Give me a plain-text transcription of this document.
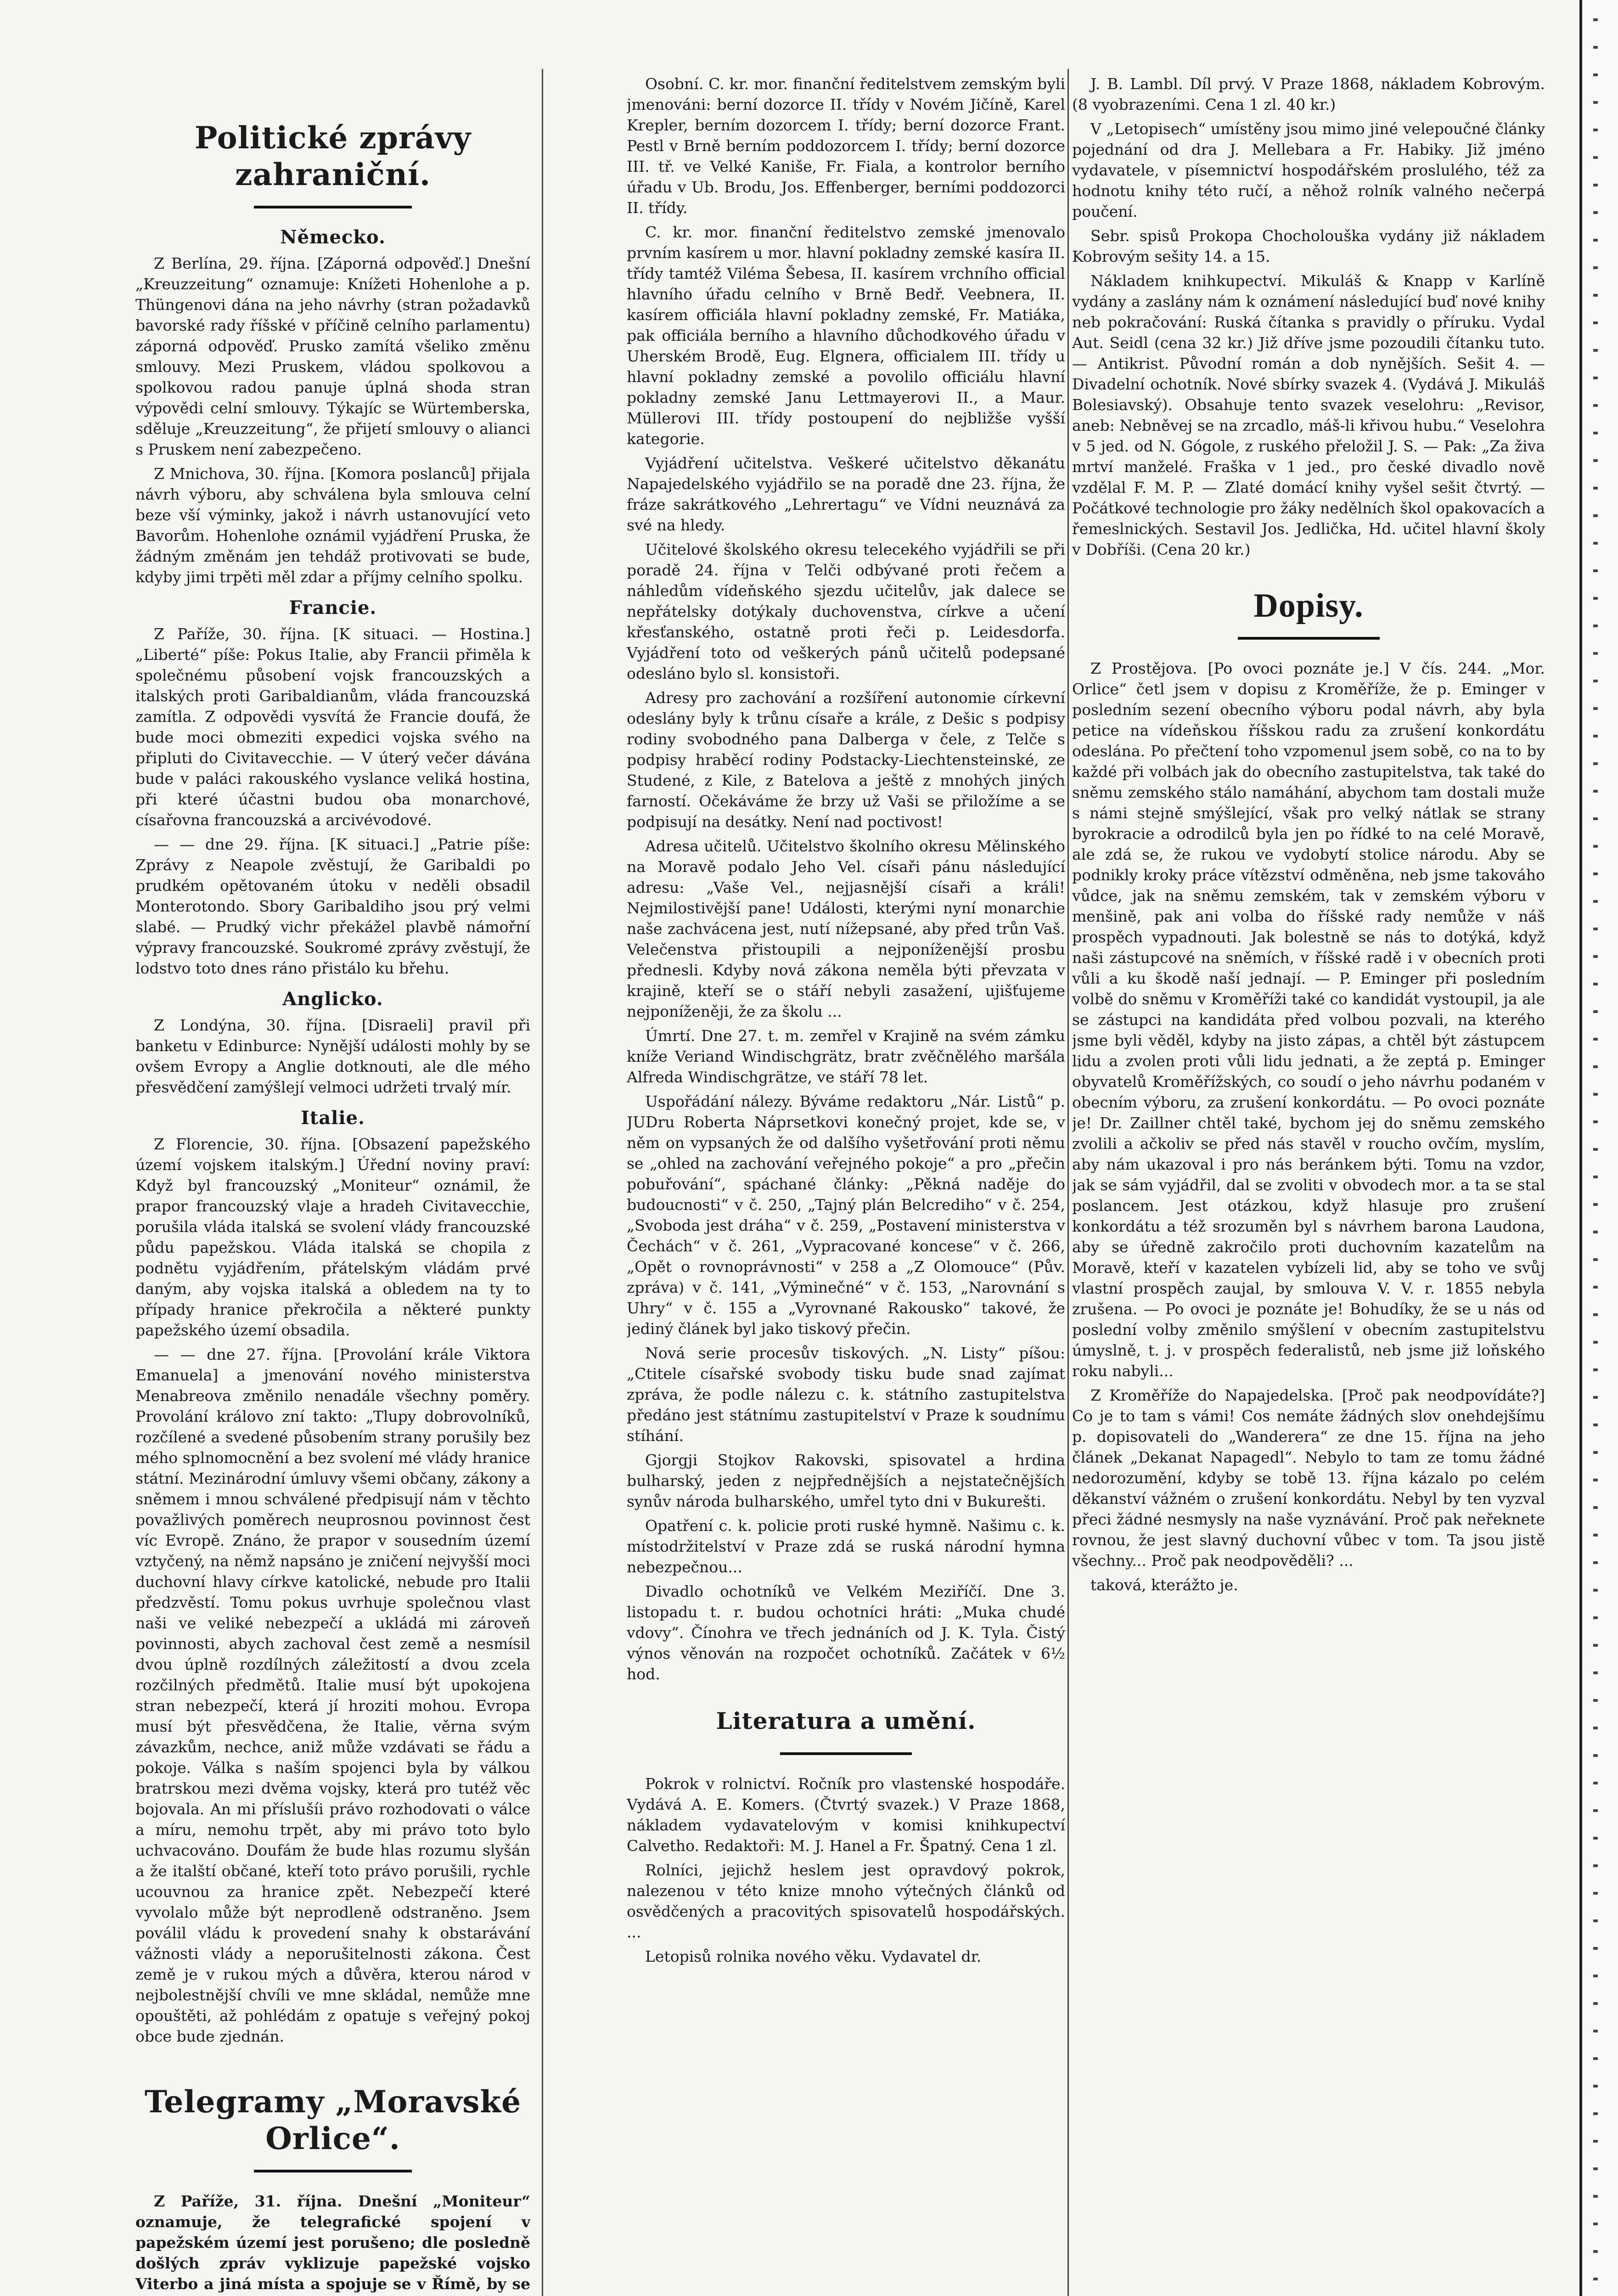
Politické zprávy zahraniční.
Německo.

Z Berlína, 29. října. [Záporná odpověď.] Dnešní „Kreuzzeitung“ oznamuje: Knížeti Hohenlohe a p. Thüngenovi dána na jeho návrhy (stran požadavků bavorské rady říšské v příčině celního parlamentu) záporná odpověď. Prusko zamítá všeliko změnu smlouvy. Mezi Pruskem, vládou spolkovou a spolkovou radou panuje úplná shoda stran výpovědi celní smlouvy. Týkajíc se Würtemberska, sděluje „Kreuzzeitung“, že přijetí smlouvy o alianci s Pruskem není zabezpečeno.

Z Mnichova, 30. října. [Komora poslanců] přijala návrh výboru, aby schválena byla smlouva celní beze vší výminky, jakož i návrh ustanovující veto Bavorům. Hohenlohe oznámil vyjádření Pruska, že žádným změnám jen tehdáž protivovati se bude, kdyby jimi trpěti měl zdar a příjmy celního spolku.

Francie.

Z Paříže, 30. října. [K situaci. — Hostina.] „Liberté“ píše: Pokus Italie, aby Francii přiměla k společnému působení vojsk francouzských a italských proti Garibaldianům, vláda francouzská zamítla. Z odpovědi vysvítá že Francie doufá, že bude moci obmeziti expedici vojska svého na připluti do Civitavecchie. — V úterý večer dávána bude v paláci rakouského vyslance veliká hostina, při které účastni budou oba monarchové, císařovna francouzská a arcivévodové.

— — dne 29. října. [K situaci.] „Patrie píše: Zprávy z Neapole zvěstují, že Garibaldi po prudkém opětovaném útoku v neděli obsadil Monterotondo. Sbory Garibaldiho jsou prý velmi slabé. — Prudký vichr překážel plavbě námořní výpravy francouzské. Soukromé zprávy zvěstují, že lodstvo toto dnes ráno přistálo ku břehu.

Anglicko.

Z Londýna, 30. října. [Disraeli] pravil při banketu v Edinburce: Nynější události mohly by se ovšem Evropy a Anglie dotknouti, ale dle mého přesvědčení zamýšlejí velmoci udržeti trvalý mír.

Italie.

Z Florencie, 30. října. [Obsazení papežského území vojskem italským.] Úřední noviny praví: Když byl francouzský „Moniteur“ oznámil, že prapor francouzský vlaje a hradeh Civitavecchie, porušila vláda italská se svolení vlády francouzské půdu papežskou. Vláda italská se chopila z podnětu vyjádřením, přátelským vládám prvé daným, aby vojska italská a obledem na ty to případy hranice překročila a některé punkty papežského území obsadila.

— — dne 27. října. [Provolání krále Viktora Emanuela] a jmenování nového ministerstva Menabreova změnilo nenadále všechny poměry. Provolání královo zní takto: „Tlupy dobrovolníků, rozčílené a svedené působením strany porušily bez mého splnomocnění a bez svolení mé vlády hranice státní. Mezinárodní úmluvy všemi občany, zákony a sněmem i mnou schválené předpisují nám v těchto považlivých poměrech neuprosnou povinnost čest víc Evropě. Znáno, že prapor v sousedním území vztyčený, na němž napsáno je zničení nejvyšší moci duchovní hlavy církve katolické, nebude pro Italii předzvěstí. Tomu pokus uvrhuje společnou vlast naši ve veliké nebezpečí a ukládá mi zároveň povinnosti, abych zachoval čest země a nesmísil dvou úplně rozdílných záležitostí a dvou zcela rozčilných předmětů. Italie musí být upokojena stran nebezpečí, která jí hroziti mohou. Evropa musí být přesvědčena, že Italie, věrna svým závazkům, nechce, aniž může vzdávati se řádu a pokoje. Válka s naším spojenci byla by válkou bratrskou mezi dvěma vojsky, která pro tutéž věc bojovala. An mi příslušíi právo rozhodovati o válce a míru, nemohu trpět, aby mi právo toto bylo uchvacováno. Doufám že bude hlas rozumu slyšán a že italští občané, kteří toto právo porušili, rychle ucouvnou za hranice zpět. Nebezpečí které vyvolalo může být neprodleně odstraněno. Jsem poválil vládu k provedení snahy k obstarávání vážnosti vlády a neporušitelnosti zákona. Čest země je v rukou mých a důvěra, kterou národ v nejbolestnější chvíli ve mne skládal, nemůže mne opouštěti, až pohlédám z opatuje s veřejný pokoj obce bude zjednán.

Telegramy „Moravské Orlice“.

Z Paříže, 31. října. Dnešní „Moniteur“ oznamuje, že telegrafické spojení v papežském území jest porušeno; dle posledně došlých zpráv vyklizuje papežské vojsko Viterbo a jiná místa a spojuje se v Římě, by se

Osobní. C. kr. mor. finanční ředitelstvem zemským byli jmenováni: berní dozorce II. třídy v Novém Jičíně, Karel Krepler, berním dozorcem I. třídy; berní dozorce Frant. Pestl v Brně berním poddozorcem I. třídy; berní dozorce III. tř. ve Velké Kaniše, Fr. Fiala, a kontrolor berního úřadu v Ub. Brodu, Jos. Effenberger, berními poddozorci II. třídy.

C. kr. mor. finanční ředitelstvo zemské jmenovalo prvním kasírem u mor. hlavní pokladny zemské kasíra II. třídy tamtéž Viléma Šebesa, II. kasírem vrchního official hlavního úřadu celního v Brně Bedř. Veebnera, II. kasírem officiála hlavní pokladny zemské, Fr. Matiáka, pak officiála berního a hlavního důchodkového úřadu v Uherském Brodě, Eug. Elgnera, officialem III. třídy u hlavní pokladny zemské a povolilo officiálu hlavní pokladny zemské Janu Lettmayerovi II., a Maur. Müllerovi III. třídy postoupení do nejbližše vyšší kategorie.

Vyjádření učitelstva. Veškeré učitelstvo děkanátu Napajedelského vyjádřilo se na poradě dne 23. října, že fráze sakrátkového „Lehrertagu“ ve Vídni neuznává za své na hledy.

Učitelové školského okresu telecekého vyjádřili se při poradě 24. října v Telči odbývané proti řečem a náhledům vídeňského sjezdu učitelův, jak dalece se nepřátelsky dotýkaly duchovenstva, církve a učení křesťanského, ostatně proti řeči p. Leidesdorfa. Vyjádření toto od veškerých pánů učitelů podepsané odesláno bylo sl. konsistoři.

Adresy pro zachování a rozšíření autonomie církevní odeslány byly k trůnu císaře a krále, z Dešic s podpisy rodiny svobodného pana Dalberga v čele, z Telče s podpisy hraběcí rodiny Podstacky-Liechtensteinské, ze Studené, z Kile, z Batelova a ještě z mnohých jiných farností. Očekáváme že brzy už Vaši se přiložíme a se podpisují na desátky. Není nad poctivost!

Adresa učitelů. Učitelstvo školního okresu Mělinského na Moravě podalo Jeho Vel. císaři pánu následující adresu: „Vaše Vel., nejjasnější císaři a králi! Nejmilostivější pane! Události, kterými nyní monarchie naše zachvácena jest, nutí nížepsané, aby před trůn Vaš. Velečenstva přistoupili a nejponíženější prosbu přednesli. Kdyby nová zákona neměla býti převzata v krajině, kteří se o stáří nebyli zasažení, ujišťujeme nejponíženěji, že za školu ...

Úmrtí. Dne 27. t. m. zemřel v Krajině na svém zámku kníže Veriand Windischgrätz, bratr zvěčnělého maršála Alfreda Windischgrätze, ve stáří 78 let.

Uspořádání nálezy. Býváme redaktoru „Nár. Listů“ p. JUDru Roberta Náprsetkovi konečný projet, kde se, v něm on vypsaných že od dalšího vyšetřování proti němu se „ohled na zachování veřejného pokoje“ a pro „přečin pobuřování“, spáchané články: „Pěkná naděje do budoucnosti“ v č. 250, „Tajný plán Belcrediho“ v č. 254, „Svoboda jest dráha“ v č. 259, „Postavení ministerstva v Čechách“ v č. 261, „Vypracované koncese“ v č. 266, „Opět o rovnoprávnosti“ v 258 a „Z Olomouce“ (Pův. zpráva) v č. 141, „Výminečné“ v č. 153, „Narovnání s Uhry“ v č. 155 a „Vyrovnané Rakousko“ takové, že jediný článek byl jako tiskový přečin.

Nová serie procesův tiskových. „N. Listy“ píšou: „Ctitele císařské svobody tisku bude snad zajímat zpráva, že podle nálezu c. k. státního zastupitelstva předáno jest státnímu zastupitelství v Praze k soudnímu stíhání.

Gjorgji Stojkov Rakovski, spisovatel a hrdina bulharský, jeden z nejpřednějších a nejstatečnějších synův národa bulharského, umřel tyto dni v Bukurešti.

Opatření c. k. policie proti ruské hymně. Našimu c. k. místodržitelství v Praze zdá se ruská národní hymna nebezpečnou...

Divadlo ochotníků ve Velkém Meziříčí. Dne 3. listopadu t. r. budou ochotníci hráti: „Muka chudé vdovy“. Čínohra ve třech jednáních od J. K. Tyla. Čistý výnos věnován na rozpočet ochotníků. Začátek v 6½ hod.

Literatura a umění.

Pokrok v rolnictví. Ročník pro vlastenské hospodáře. Vydává A. E. Komers. (Čtvrtý svazek.) V Praze 1868, nákladem vydavatelovým v komisi knihkupectví Calvetho. Redaktoři: M. J. Hanel a Fr. Špatný. Cena 1 zl.

Rolníci, jejichž heslem jest opravdový pokrok, nalezenou v této knize mnoho výtečných článků od osvědčených a pracovitých spisovatelů hospodářských. ...

Letopisů rolnika nového věku. Vydavatel dr.

J. B. Lambl. Díl prvý. V Praze 1868, nákladem Kobrovým. (8 vyobrazeními. Cena 1 zl. 40 kr.)

V „Letopisech“ umístěny jsou mimo jiné velepoučné články pojednání od dra J. Mellebara a Fr. Habiky. Již jméno vydavatele, v písemnictví hospodářském proslulého, též za hodnotu knihy této ručí, a něhož rolník valného nečerpá poučení.

Sebr. spisů Prokopa Chocholouška vydány již nákladem Kobrovým sešity 14. a 15.

Nákladem knihkupectví. Mikuláš & Knapp v Karlíně vydány a zaslány nám k oznámení následující buď nové knihy neb pokračování: Ruská čítanka s pravidly o příruku. Vydal Aut. Seidl (cena 32 kr.) Již dříve jsme pozoudili čítanku tuto. — Antikrist. Původní román a dob nynějších. Sešit 4. — Divadelní ochotník. Nové sbírky svazek 4. (Vydává J. Mikuláš Bolesiavský). Obsahuje tento svazek veselohru: „Revisor, aneb: Nebněvej se na zrcadlo, máš-li křivou hubu.“ Veselohra v 5 jed. od N. Gógole, z ruského přeložil J. S. — Pak: „Za živa mrtví manželé. Fraška v 1 jed., pro české divadlo nově vzdělal F. M. P. — Zlaté domácí knihy vyšel sešit čtvrtý. — Počátkové technologie pro žáky nedělních škol opakovacích a řemeslnických. Sestavil Jos. Jedlička, Hd. učitel hlavní školy v Dobříši. (Cena 20 kr.)

Dopisy.

Z Prostějova. [Po ovoci poznáte je.] V čís. 244. „Mor. Orlice“ četl jsem v dopisu z Kroměříže, že p. Eminger v posledním sezení obecního výboru podal návrh, aby byla petice na vídeňskou říšskou radu za zrušení konkordátu odeslána. Po přečtení toho vzpomenul jsem sobě, co na to by každé při volbách jak do obecního zastupitelstva, tak také do sněmu zemského stálo namáhání, abychom tam dostali muže s námi stejně smýšlející, však pro velký nátlak se strany byrokracie a odrodilců byla jen po řídké to na celé Moravě, ale zdá se, že rukou ve vydobytí stolice národu. Aby se podnikly kroky práce vítězství odměněna, neb jsme takováho vůdce, jak na sněmu zemském, tak v zemském výboru v menšině, pak ani volba do říšské rady nemůže v náš prospěch vypadnouti. Jak bolestně se nás to dotýká, když naši zástupcové na sněmích, v říšské radě i v obecních proti vůli a ku škodě naší jednají. — P. Eminger při posledním volbě do sněmu v Kroměříži také co kandidát vystoupil, ja ale se zástupci na kandidáta před volbou pozvali, na kterého jsme byli věděl, kdyby na jisto zápas, a chtěl být zástupcem lidu a zvolen proti vůli lidu jednati, a že zeptá p. Eminger obyvatelů Kroměřížských, co soudí o jeho návrhu podaném v obecním výboru, za zrušení konkordátu. — Po ovoci poznáte je! Dr. Zaillner chtěl také, bychom jej do sněmu zemského zvolili a ačkoliv se před nás stavěl v roucho ovčím, myslím, aby nám ukazoval i pro nás beránkem býti. Tomu na vzdor, jak se sám vyjádřil, dal se zvoliti v obvodech mor. a ta se stal poslancem. Jest otázkou, když hlasuje pro zrušení konkordátu a též srozuměn byl s návrhem barona Laudona, aby se úředně zakročilo proti duchovním kazatelům na Moravě, kteří v kazatelen vybízeli lid, aby se toho ve svůj vlastní prospěch zaujal, by smlouva V. V. r. 1855 nebyla zrušena. — Po ovoci je poznáte je! Bohudíky, že se u nás od poslední volby změnilo smýšlení v obecním zastupitelstvu úmyslně, t. j. v prospěch federalistů, neb jsme již loňského roku nabyli...

Z Kroměříže do Napajedelska. [Proč pak neodpovídáte?] Co je to tam s vámi! Cos nemáte žádných slov onehdejšímu p. dopisovateli do „Wanderera“ ze dne 15. října na jeho článek „Dekanat Napagedl“. Nebylo to tam ze tomu žádné nedorozumění, kdyby se tobě 13. října kázalo po celém děkanství vážném o zrušení konkordátu. Nebyl by ten vyzval přeci žádné nesmysly na naše vyznávání. Proč pak neřeknete rovnou, že jest slavný duchovní vůbec v tom. Ta jsou jistě všechny... Proč pak neodpověděli? ...

taková, kterážto je.
